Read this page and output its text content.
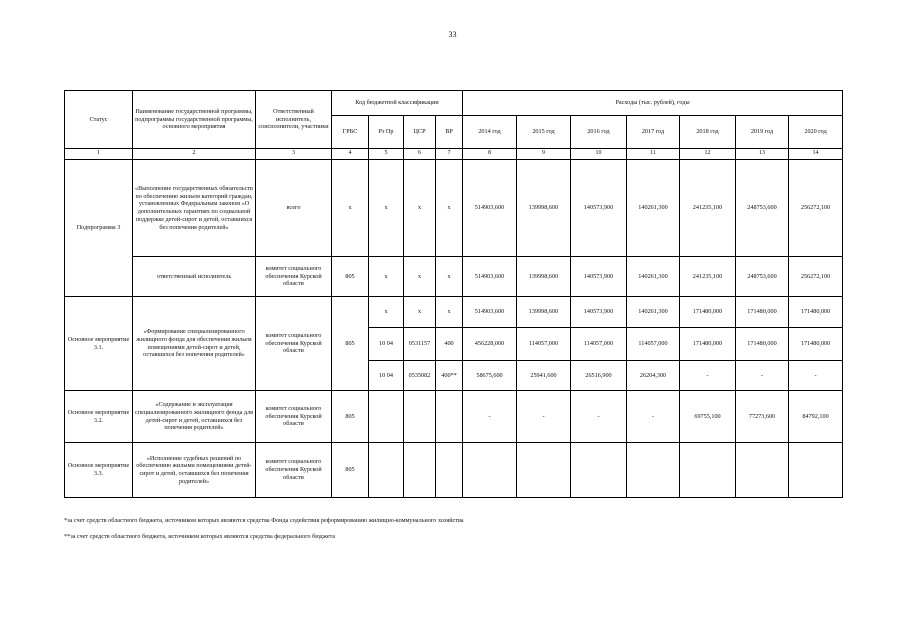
33
Статус	Наименование государственной программы, подпрограммы государственной программы, основного мероприятия	Ответственный исполнитель, соисполнители, участники	Код бюджетной классификации				Расходы (тыс. рублей), годы						
			ГРБС	Рз Пр	ЦСР	ВР	2014 год	2015 год	2016 год	2017 год	2018 год	2019 год	2020 год
1	2	3	4	5	6	7	8	9	10	11	12	13	14
Подпрограмма 3	«Выполнение государственных обязательств по обеспечению жильем категорий граждан, установленных Федеральным законом «О дополнительных гарантиях по социальной поддержке детей-сирот и детей, оставшихся без попечения родителей»	всего	x	x	x	x	514903,600	139998,600	140573,900	140261,300	241235,100	248753,600	256272,100
	ответственный исполнитель	комитет социального обеспечения Курской области	805	x	x	x	514903,600	139998,600	140573,900	140261,300	241235,100	248753,600	256272,100
Основное мероприятие 3.1.	«Формирование специализированного жилищного фонда для обеспечения жильем помещениями детей-сирот и детей, оставшихся без попечения родителей»	комитет социального обеспечения Курской области	805	x	x	x	514903,600	139998,600	140573,900	140261,300	171480,000	171480,000	171480,000
				10 04	0531157	400	456228,000	114057,000	114057,000	114057,000	171480,000	171480,000	171480,000
				10 04	0535082	400**	58675,600	25941,600	26516,900	26204,300	-	-	-
Основное мероприятие 3.2.	«Содержание и эксплуатация специализированного жилищного фонда для детей-сирот и детей, оставшихся без попечения родителей»	комитет социального обеспечения Курской области	805				-	-	-	-	69755,100	77273,600	84792,100
Основное мероприятие 3.3.	«Исполнение судебных решений по обеспечению жилыми помещениями детей-сирот и детей, оставшихся без попечения родителей»	комитет социального обеспечения Курской области	805										
*за счет средств областного бюджета, источником которых являются средства Фонда содействия реформированию жилищно-коммунального хозяйства
**за счет средств областного бюджета, источником которых являются средства федерального бюджета
